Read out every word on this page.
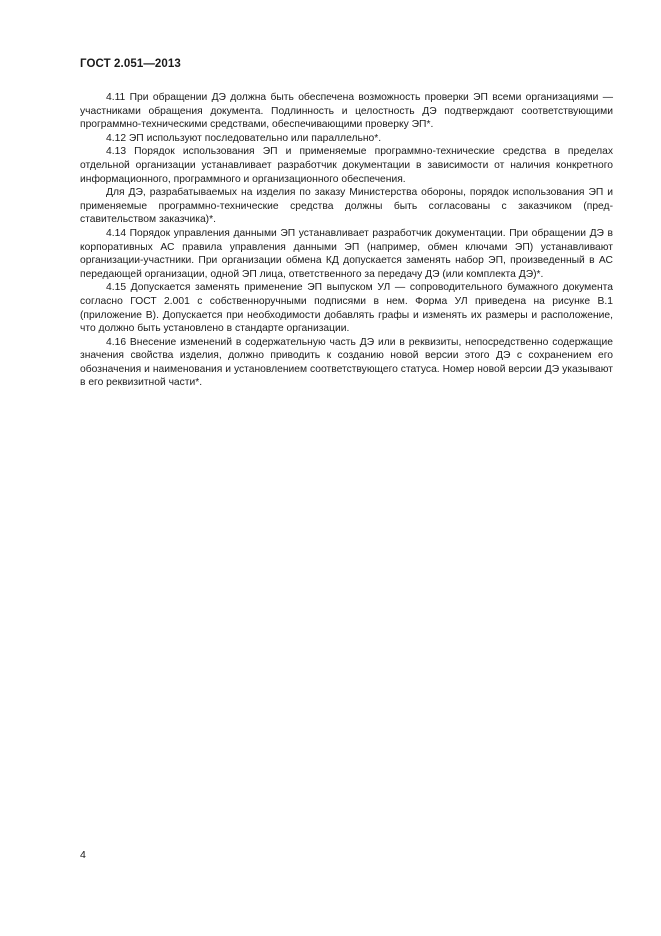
ГОСТ 2.051—2013

4.11 При обращении ДЭ должна быть обеспечена возможность проверки ЭП всеми организациями — участниками обращения документа. Подлинность и целостность ДЭ подтверждают соответствующими программно-техническими средствами, обеспечивающими проверку ЭП*.

4.12 ЭП используют последовательно или параллельно*.

4.13 Порядок использования ЭП и применяемые программно-технические средства в пределах отдельной организации устанавливает разработчик документации в зависимости от наличия конкретного информационного, программного и организационного обеспечения.

Для ДЭ, разрабатываемых на изделия по заказу Министерства обороны, порядок использования ЭП и применяемые программно-технические средства должны быть согласованы с заказчиком (представительством заказчика)*.

4.14 Порядок управления данными ЭП устанавливает разработчик документации. При обращении ДЭ в корпоративных АС правила управления данными ЭП (например, обмен ключами ЭП) устанавливают организации-участники. При организации обмена КД допускается заменять набор ЭП, произведенный в АС передающей организации, одной ЭП лица, ответственного за передачу ДЭ (или комплекта ДЭ)*.

4.15 Допускается заменять применение ЭП выпуском УЛ — сопроводительного бумажного документа согласно ГОСТ 2.001 с собственноручными подписями в нем. Форма УЛ приведена на рисунке В.1 (приложение В). Допускается при необходимости добавлять графы и изменять их размеры и расположение, что должно быть установлено в стандарте организации.

4.16 Внесение изменений в содержательную часть ДЭ или в реквизиты, непосредственно содержащие значения свойства изделия, должно приводить к созданию новой версии этого ДЭ с сохранением его обозначения и наименования и установлением соответствующего статуса. Номер новой версии ДЭ указывают в его реквизитной части*.

4
